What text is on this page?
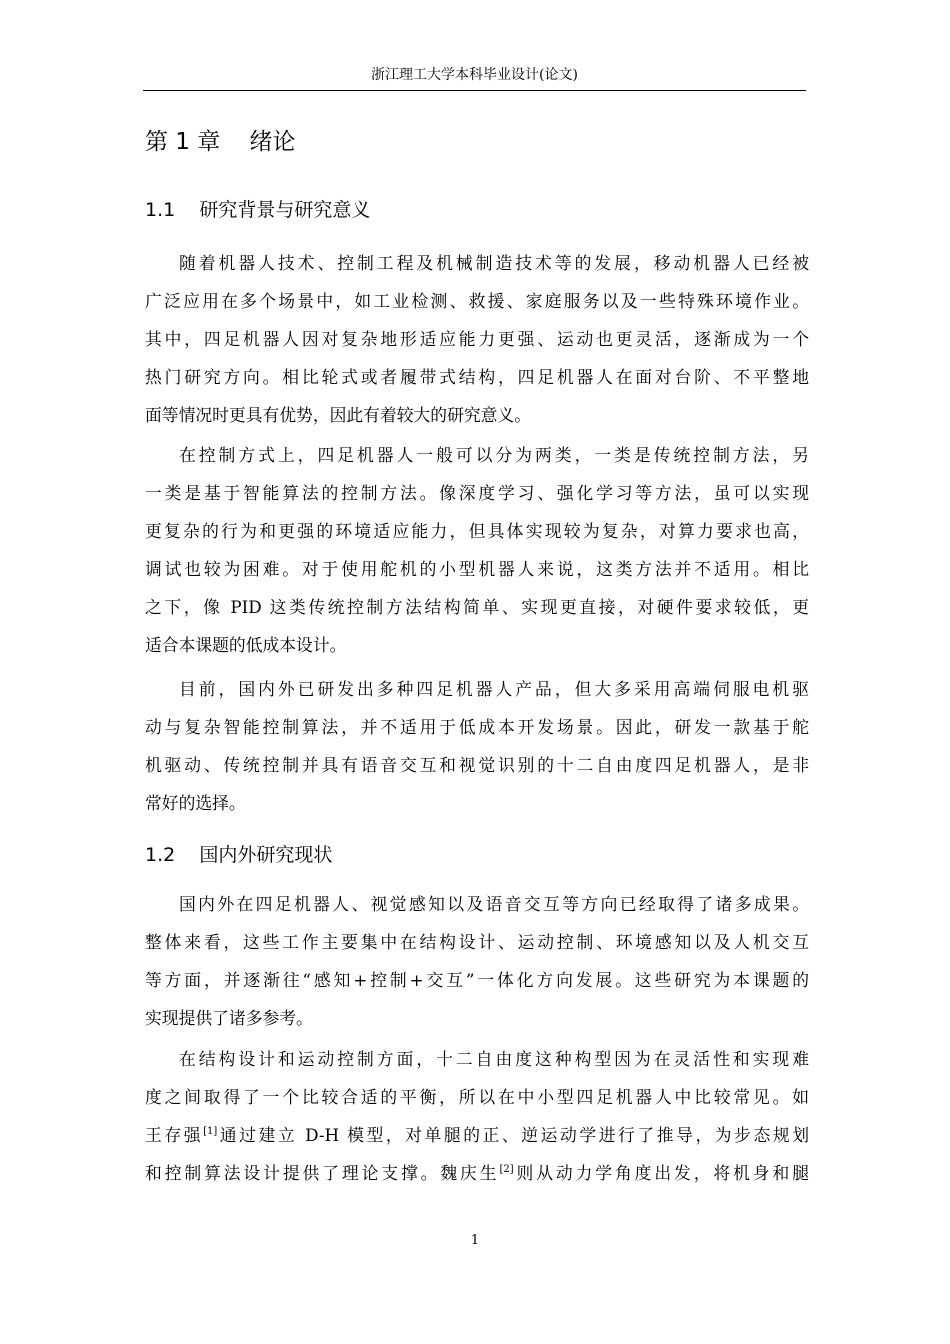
浙江理工大学本科毕业设计(论文)
第 1 章    绪论
1.1    研究背景与研究意义
随着机器人技术、控制工程及机械制造技术等的发展，移动机器人已经被
广泛应用在多个场景中，如工业检测、救援、家庭服务以及一些特殊环境作业。
其中，四足机器人因对复杂地形适应能力更强、运动也更灵活，逐渐成为一个
热门研究方向。相比轮式或者履带式结构，四足机器人在面对台阶、不平整地
面等情况时更具有优势，因此有着较大的研究意义。
在控制方式上，四足机器人一般可以分为两类，一类是传统控制方法，另
一类是基于智能算法的控制方法。像深度学习、强化学习等方法，虽可以实现
更复杂的行为和更强的环境适应能力，但具体实现较为复杂，对算力要求也高，
调试也较为困难。对于使用舵机的小型机器人来说，这类方法并不适用。相比
之下，像 PID 这类传统控制方法结构简单、实现更直接，对硬件要求较低，更
适合本课题的低成本设计。
目前，国内外已研发出多种四足机器人产品，但大多采用高端伺服电机驱
动与复杂智能控制算法，并不适用于低成本开发场景。因此，研发一款基于舵
机驱动、传统控制并具有语音交互和视觉识别的十二自由度四足机器人，是非
常好的选择。
1.2    国内外研究现状
国内外在四足机器人、视觉感知以及语音交互等方向已经取得了诸多成果。
整体来看，这些工作主要集中在结构设计、运动控制、环境感知以及人机交互
等方面，并逐渐往“感知+控制+交互”一体化方向发展。这些研究为本课题的
实现提供了诸多参考。
在结构设计和运动控制方面，十二自由度这种构型因为在灵活性和实现难
度之间取得了一个比较合适的平衡，所以在中小型四足机器人中比较常见。如
王存强[1]通过建立 D-H 模型，对单腿的正、逆运动学进行了推导，为步态规划
和控制算法设计提供了理论支撑。魏庆生[2]则从动力学角度出发，将机身和腿
1
